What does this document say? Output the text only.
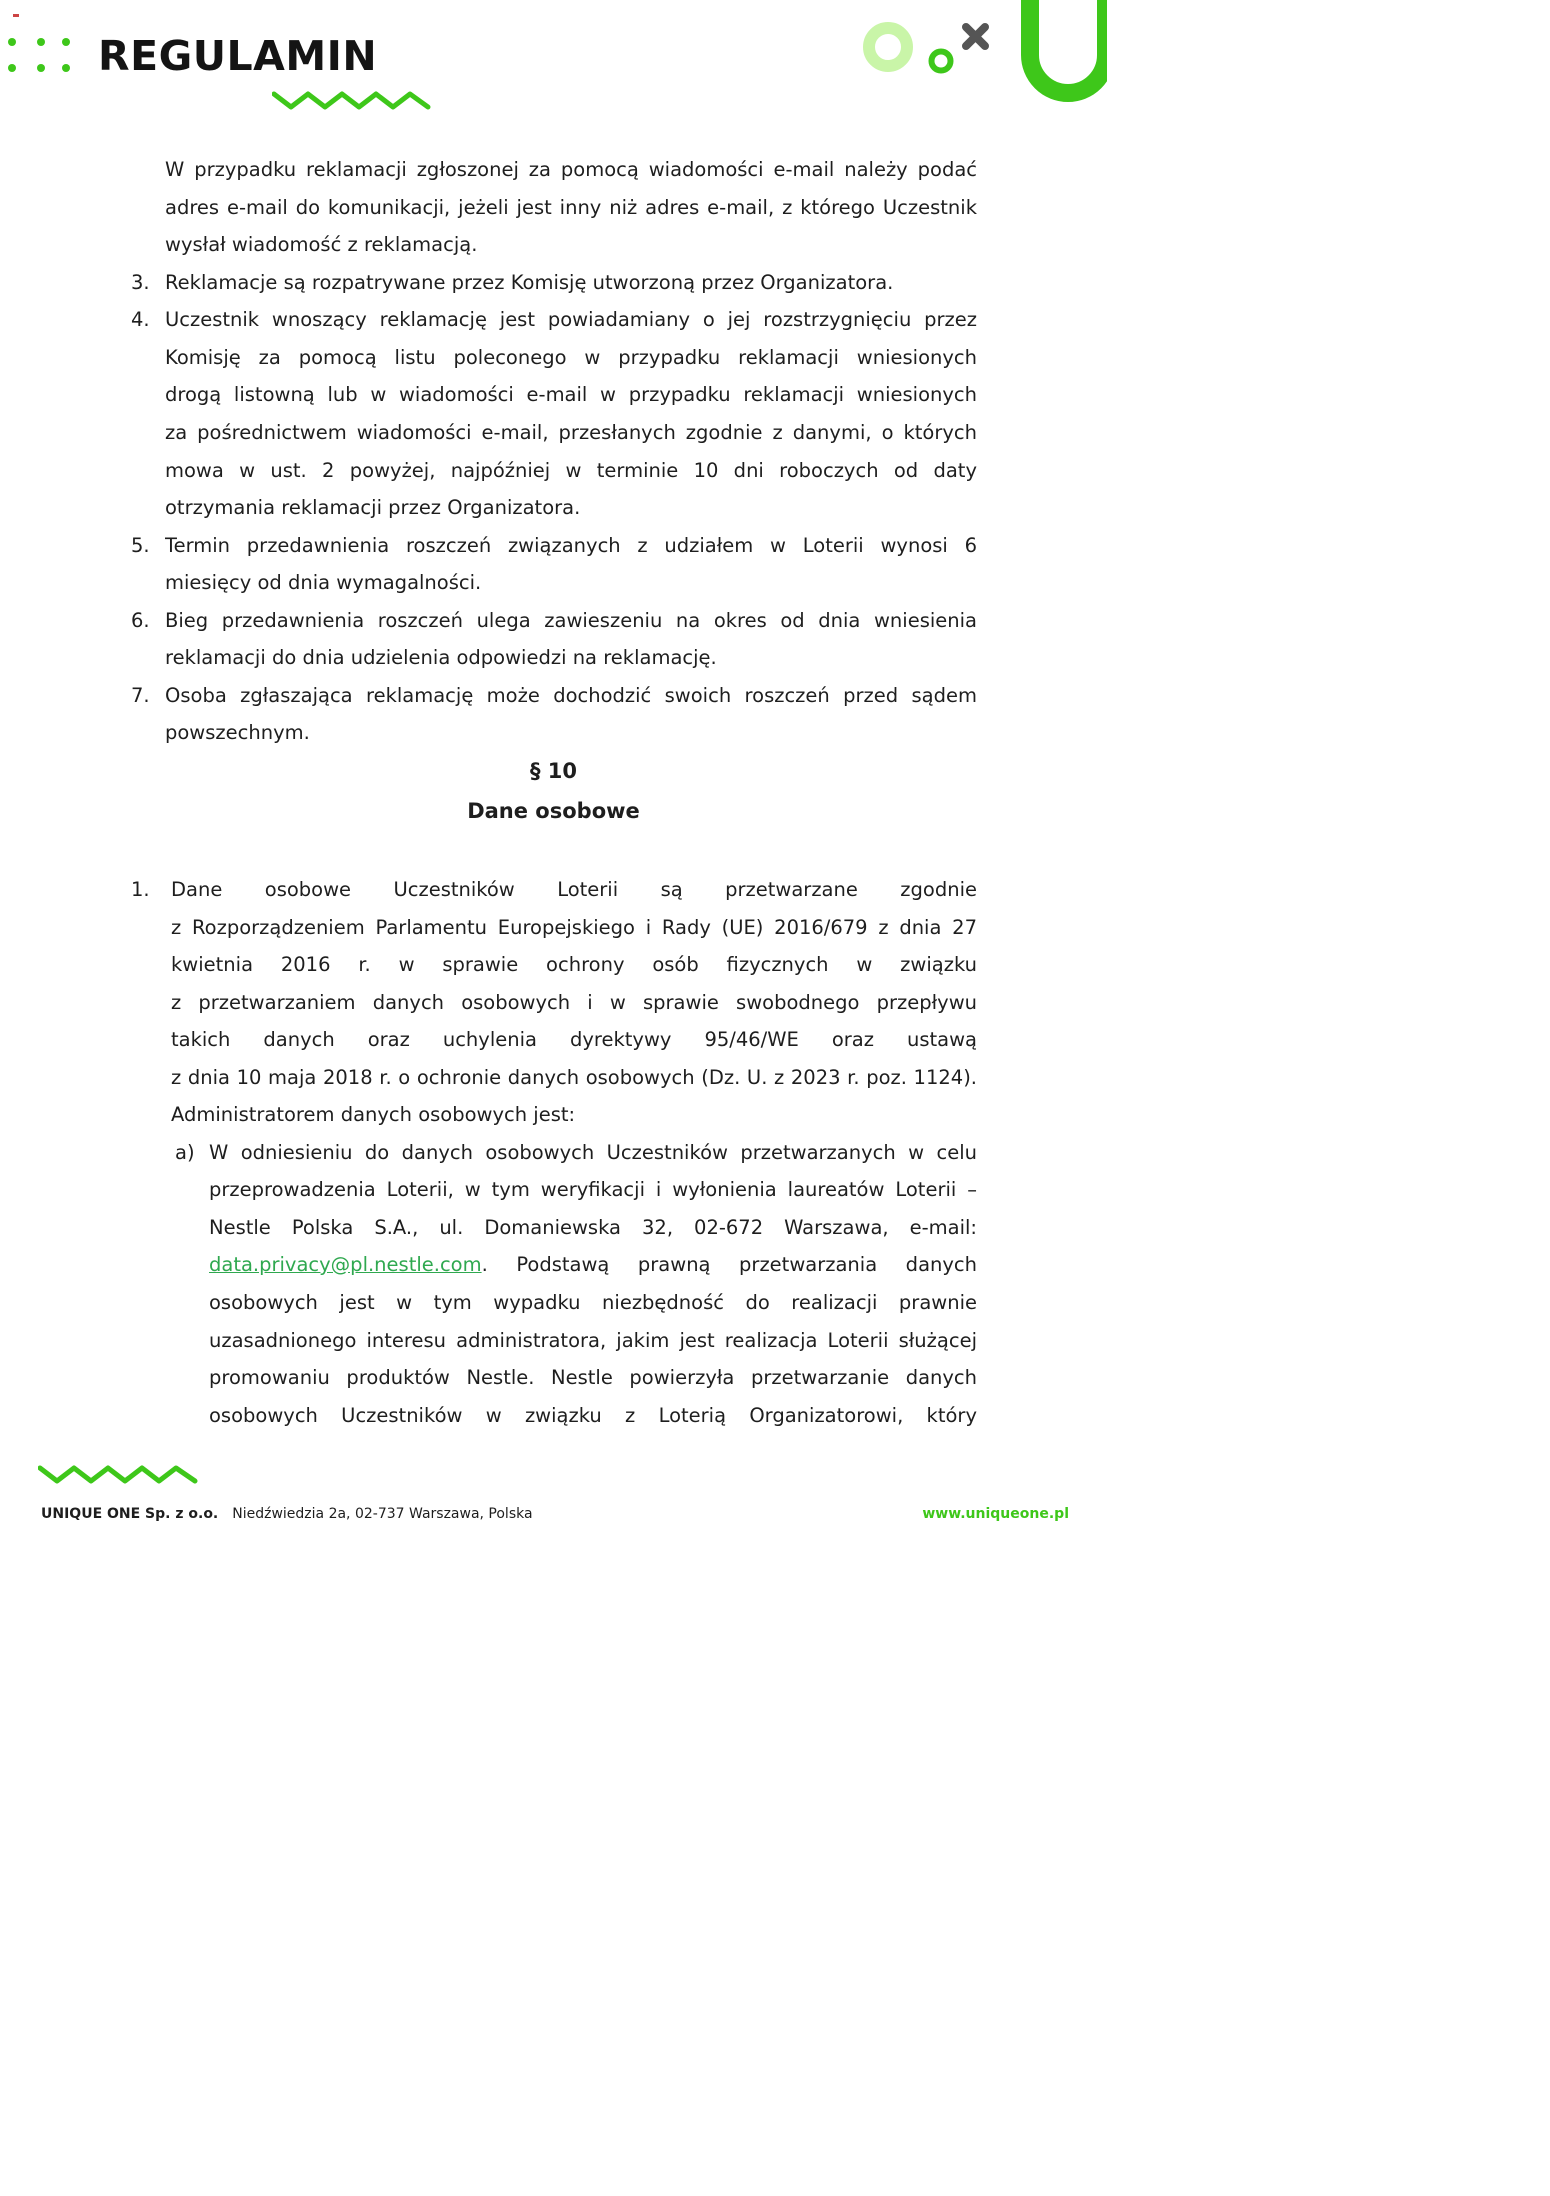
REGULAMIN

W przypadku reklamacji zgłoszonej za pomocą wiadomości e-mail należy podać

adres e-mail do komunikacji, jeżeli jest inny niż adres e-mail, z którego Uczestnik

wysłał wiadomość z reklamacją.

3. Reklamacje są rozpatrywane przez Komisję utworzoną przez Organizatora.

4. Uczestnik wnoszący reklamację jest powiadamiany o jej rozstrzygnięciu przez

Komisję za pomocą listu poleconego w przypadku reklamacji wniesionych

drogą listowną lub w wiadomości e-mail w przypadku reklamacji wniesionych

za pośrednictwem wiadomości e-mail, przesłanych zgodnie z danymi, o których

mowa w ust. 2 powyżej, najpóźniej w terminie 10 dni roboczych od daty

otrzymania reklamacji przez Organizatora.

5. Termin przedawnienia roszczeń związanych z udziałem w Loterii wynosi 6

miesięcy od dnia wymagalności.

6. Bieg przedawnienia roszczeń ulega zawieszeniu na okres od dnia wniesienia

reklamacji do dnia udzielenia odpowiedzi na reklamację.

7. Osoba zgłaszająca reklamację może dochodzić swoich roszczeń przed sądem

powszechnym.

§ 10
Dane osobowe
1. Dane osobowe Uczestników Loterii są przetwarzane zgodnie

z Rozporządzeniem Parlamentu Europejskiego i Rady (UE) 2016/679 z dnia 27

kwietnia 2016 r. w sprawie ochrony osób fizycznych w związku

z przetwarzaniem danych osobowych i w sprawie swobodnego przepływu

takich danych oraz uchylenia dyrektywy 95/46/WE oraz ustawą

z dnia 10 maja 2018 r. o ochronie danych osobowych (Dz. U. z 2023 r. poz. 1124).

Administratorem danych osobowych jest:

a) W odniesieniu do danych osobowych Uczestników przetwarzanych w celu

przeprowadzenia Loterii, w tym weryfikacji i wyłonienia laureatów Loterii –

Nestle Polska S.A., ul. Domaniewska 32, 02-672 Warszawa, e-mail:

data.privacy@pl.nestle.com. Podstawą prawną przetwarzania danych

osobowych jest w tym wypadku niezbędność do realizacji prawnie

uzasadnionego interesu administratora, jakim jest realizacja Loterii służącej

promowaniu produktów Nestle. Nestle powierzyła przetwarzanie danych

osobowych Uczestników w związku z Loterią Organizatorowi, który

UNIQUE ONE Sp. z o.o. Niedźwiedzia 2a, 02-737 Warszawa, Polska	www.uniqueone.pl
